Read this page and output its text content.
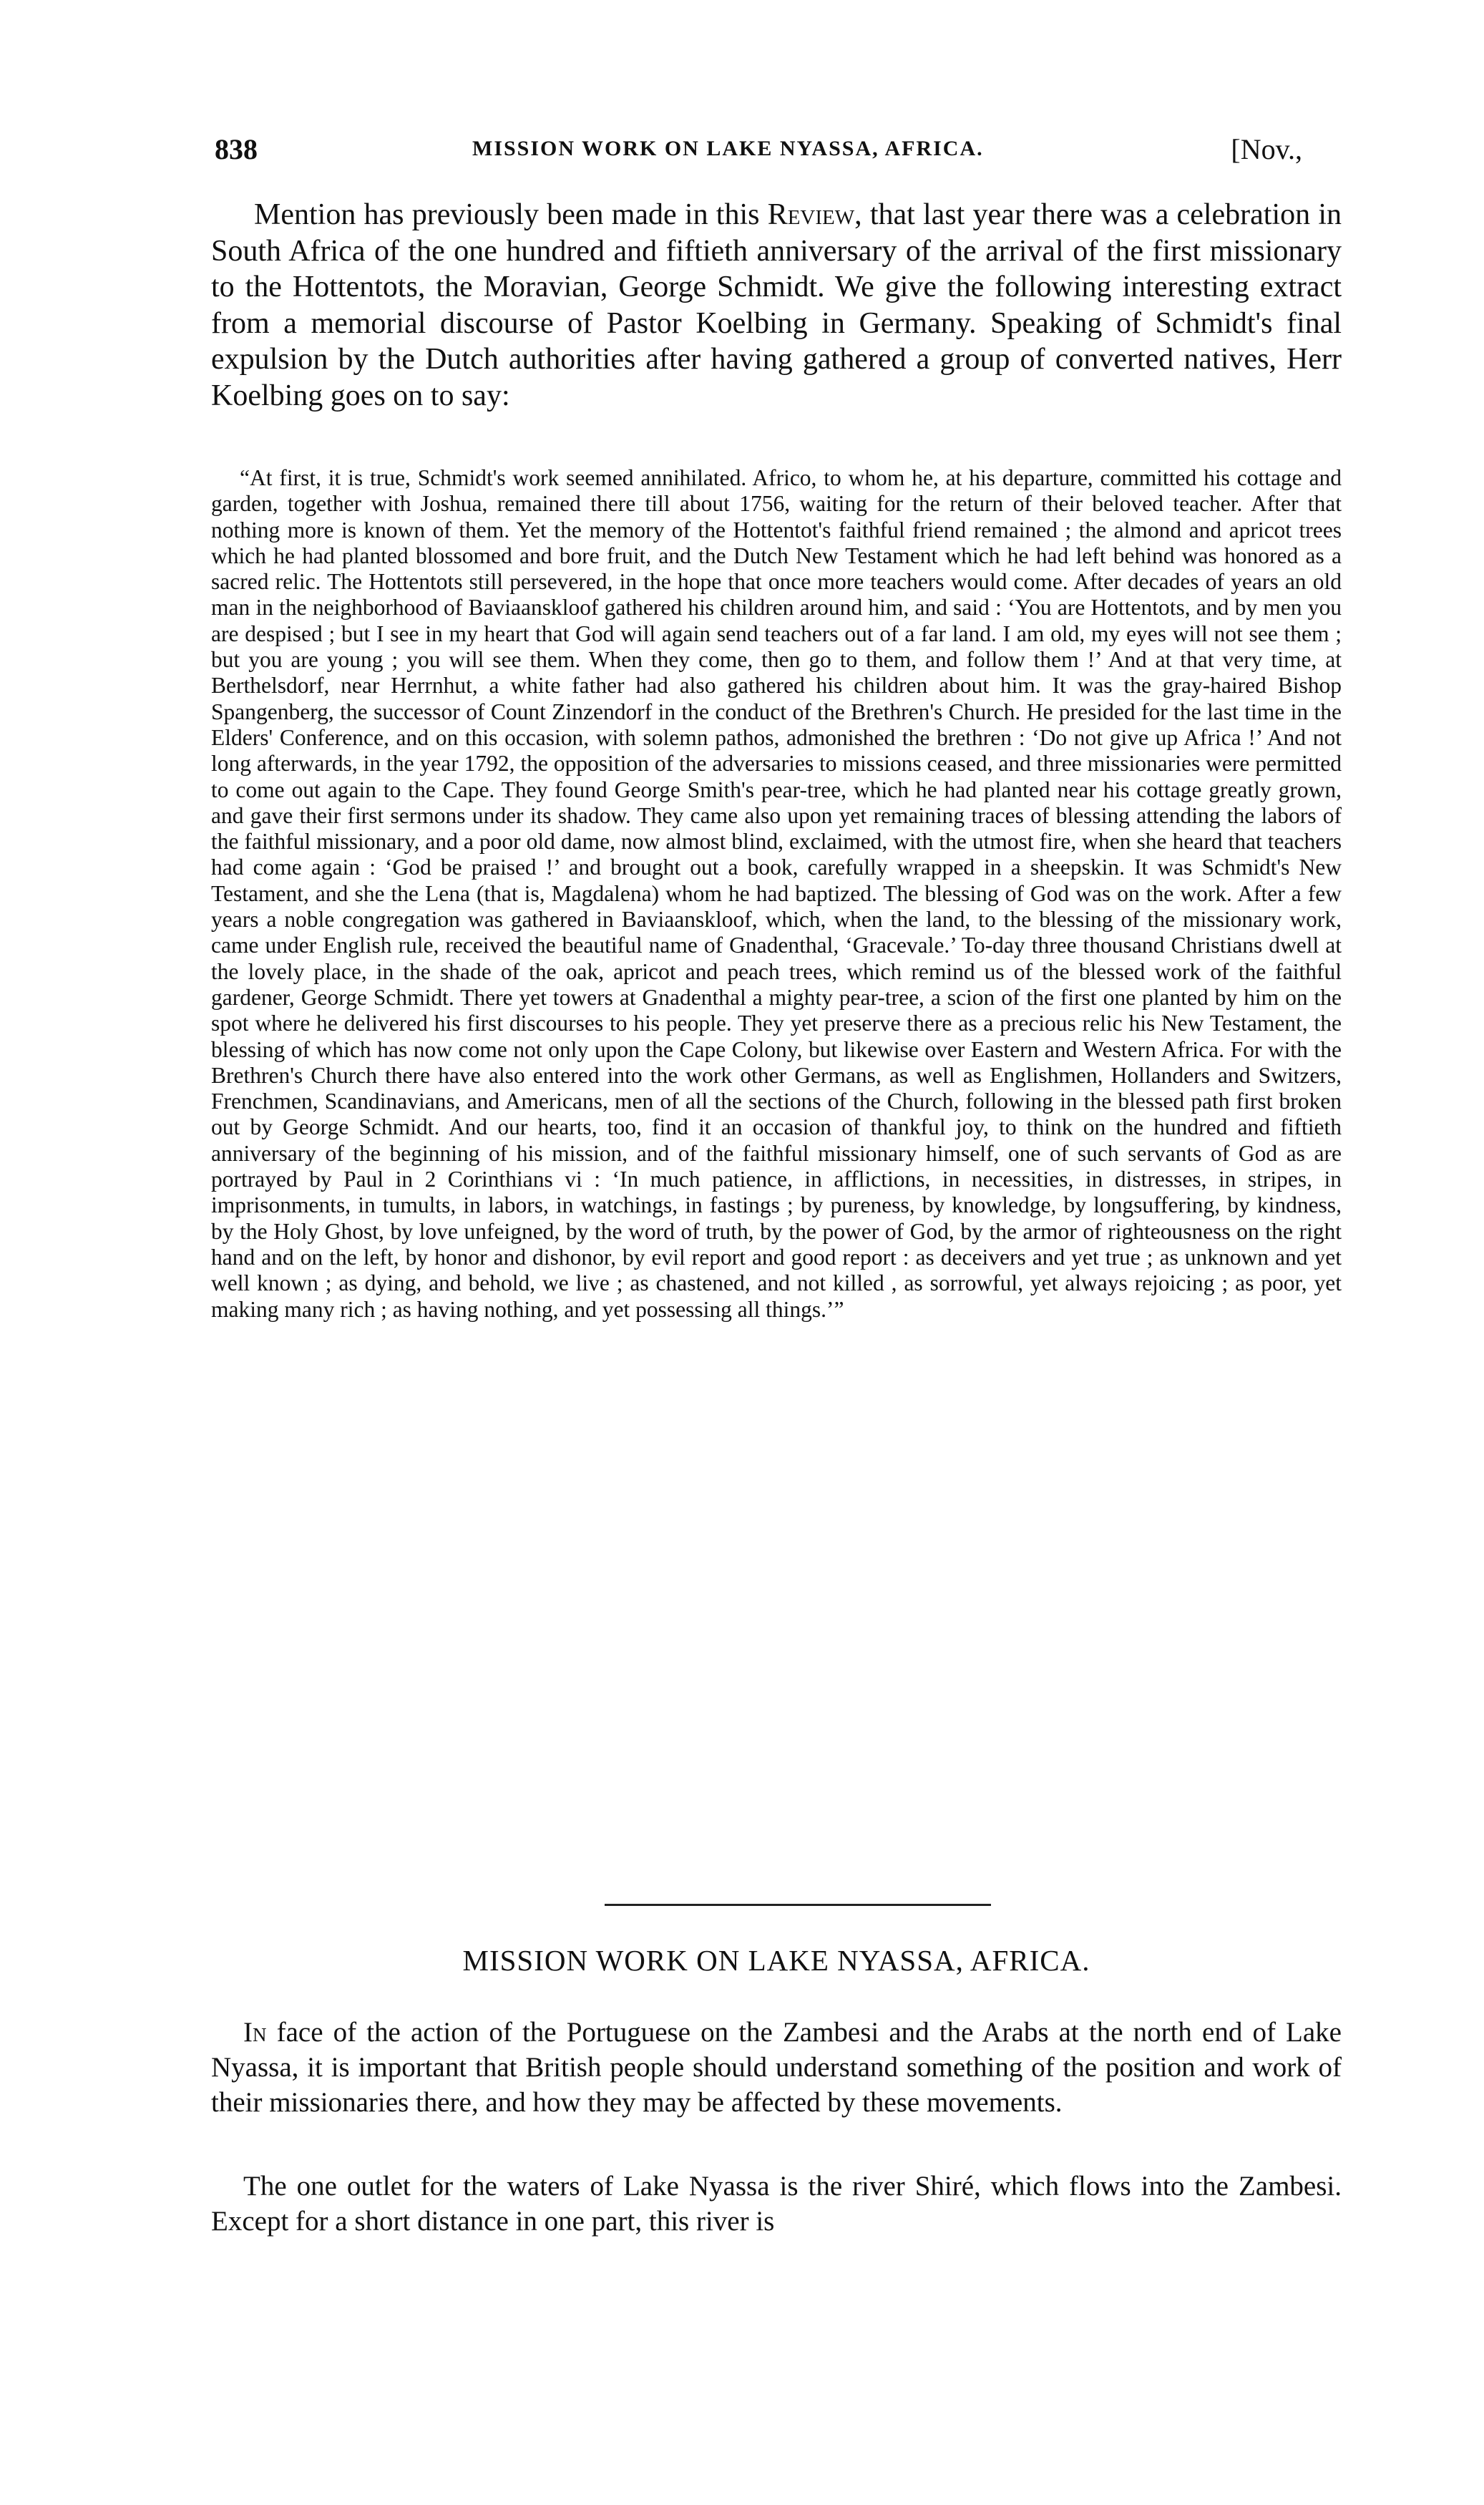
838	MISSION WORK ON LAKE NYASSA, AFRICA.	[Nov.,

Mention has previously been made in this Review, that last year there was a celebration in South Africa of the one hundred and fiftieth anniversary of the arrival of the first missionary to the Hottentots, the Moravian, George Schmidt. We give the following interesting extract from a memorial discourse of Pastor Koelbing in Germany. Speaking of Schmidt's final expulsion by the Dutch authorities after having gathered a group of converted natives, Herr Koelbing goes on to say:

“At first, it is true, Schmidt's work seemed annihilated. Africo, to whom he, at his departure, committed his cottage and garden, together with Joshua, remained there till about 1756, waiting for the return of their beloved teacher. After that nothing more is known of them. Yet the memory of the Hottentot's faithful friend remained ; the almond and apricot trees which he had planted blossomed and bore fruit, and the Dutch New Testament which he had left behind was honored as a sacred relic. The Hottentots still persevered, in the hope that once more teachers would come. After decades of years an old man in the neighborhood of Baviaanskloof gathered his children around him, and said : ‘You are Hottentots, and by men you are despised ; but I see in my heart that God will again send teachers out of a far land. I am old, my eyes will not see them ; but you are young ; you will see them. When they come, then go to them, and follow them !’ And at that very time, at Berthelsdorf, near Herrnhut, a white father had also gathered his children about him. It was the gray-haired Bishop Spangenberg, the successor of Count Zinzendorf in the conduct of the Brethren's Church. He presided for the last time in the Elders' Conference, and on this occasion, with solemn pathos, admonished the brethren : ‘Do not give up Africa !’ And not long afterwards, in the year 1792, the opposition of the adversaries to missions ceased, and three missionaries were permitted to come out again to the Cape. They found George Smith's pear-tree, which he had planted near his cottage greatly grown, and gave their first sermons under its shadow. They came also upon yet remaining traces of blessing attending the labors of the faithful missionary, and a poor old dame, now almost blind, exclaimed, with the utmost fire, when she heard that teachers had come again : ‘God be praised !’ and brought out a book, carefully wrapped in a sheepskin. It was Schmidt's New Testament, and she the Lena (that is, Magdalena) whom he had baptized. The blessing of God was on the work. After a few years a noble congregation was gathered in Baviaanskloof, which, when the land, to the blessing of the missionary work, came under English rule, received the beautiful name of Gnadenthal, ‘Gracevale.’ To-day three thousand Christians dwell at the lovely place, in the shade of the oak, apricot and peach trees, which remind us of the blessed work of the faithful gardener, George Schmidt. There yet towers at Gnadenthal a mighty pear-tree, a scion of the first one planted by him on the spot where he delivered his first discourses to his people. They yet preserve there as a precious relic his New Testament, the blessing of which has now come not only upon the Cape Colony, but likewise over Eastern and Western Africa. For with the Brethren's Church there have also entered into the work other Germans, as well as Englishmen, Hollanders and Switzers, Frenchmen, Scandinavians, and Americans, men of all the sections of the Church, following in the blessed path first broken out by George Schmidt. And our hearts, too, find it an occasion of thankful joy, to think on the hundred and fiftieth anniversary of the beginning of his mission, and of the faithful missionary himself, one of such servants of God as are portrayed by Paul in 2 Corinthians vi : ‘In much patience, in afflictions, in necessities, in distresses, in stripes, in imprisonments, in tumults, in labors, in watchings, in fastings ; by pureness, by knowledge, by longsuffering, by kindness, by the Holy Ghost, by love unfeigned, by the word of truth, by the power of God, by the armor of righteousness on the right hand and on the left, by honor and dishonor, by evil report and good report : as deceivers and yet true ; as unknown and yet well known ; as dying, and behold, we live ; as chastened, and not killed , as sorrowful, yet always rejoicing ; as poor, yet making many rich ; as having nothing, and yet possessing all things.’”

MISSION WORK ON LAKE NYASSA, AFRICA.

In face of the action of the Portuguese on the Zambesi and the Arabs at the north end of Lake Nyassa, it is important that British people should understand something of the position and work of their missionaries there, and how they may be affected by these movements.

The one outlet for the waters of Lake Nyassa is the river Shiré, which flows into the Zambesi. Except for a short distance in one part, this river is
